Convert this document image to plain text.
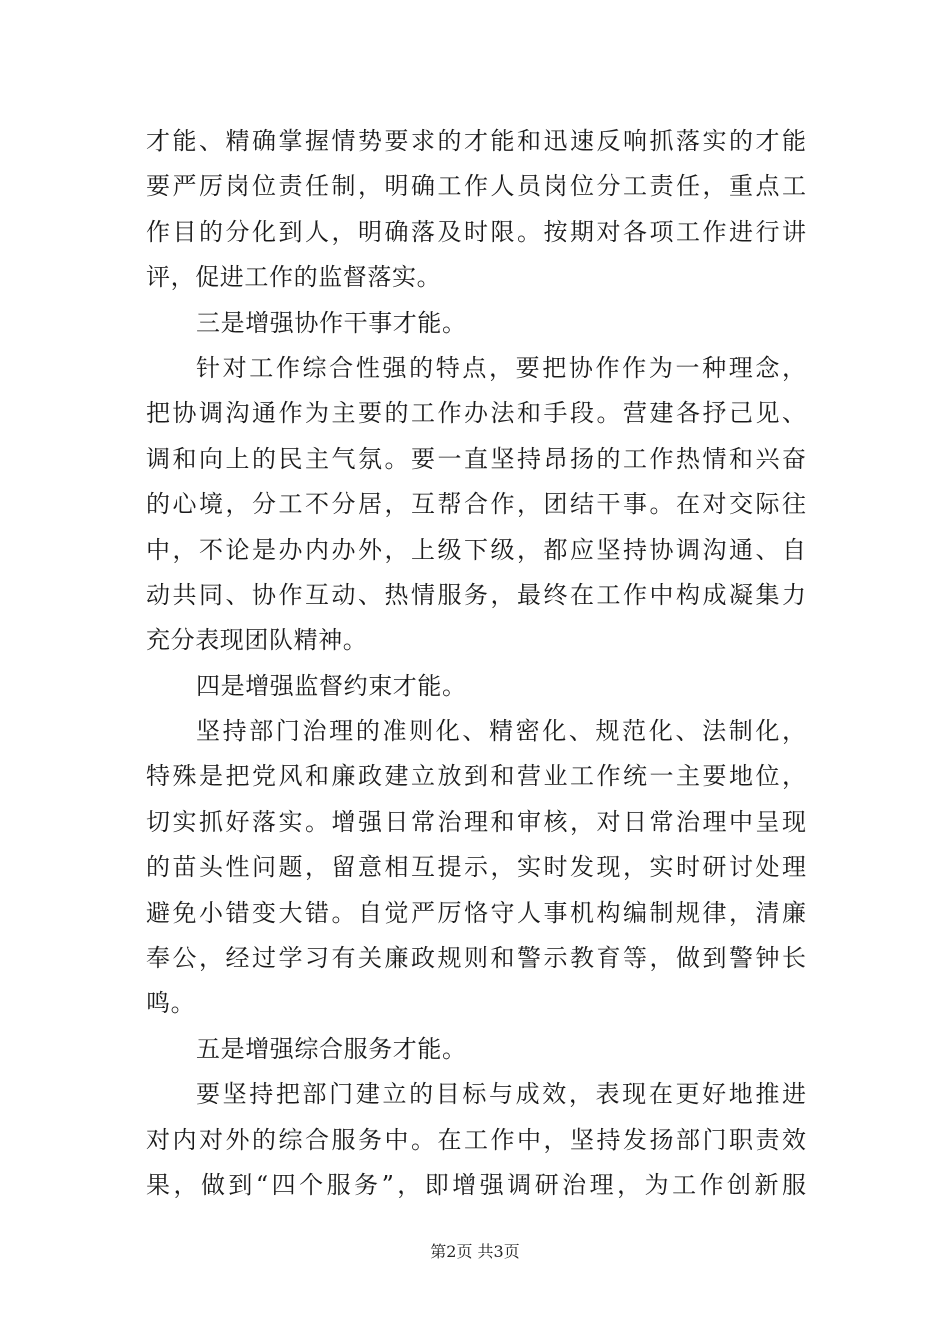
才能、精确掌握情势要求的才能和迅速反响抓落实的才能
要严厉岗位责任制，明确工作人员岗位分工责任，重点工
作目的分化到人，明确落及时限。按期对各项工作进行讲
评，促进工作的监督落实。
三是增强协作干事才能。
针对工作综合性强的特点，要把协作作为一种理念，
把协调沟通作为主要的工作办法和手段。营建各抒己见、
调和向上的民主气氛。要一直坚持昂扬的工作热情和兴奋
的心境，分工不分居，互帮合作，团结干事。在对交际往
中，不论是办内办外，上级下级，都应坚持协调沟通、自
动共同、协作互动、热情服务，最终在工作中构成凝集力
充分表现团队精神。
四是增强监督约束才能。
坚持部门治理的准则化、精密化、规范化、法制化，
特殊是把党风和廉政建立放到和营业工作统一主要地位，
切实抓好落实。增强日常治理和审核，对日常治理中呈现
的苗头性问题，留意相互提示，实时发现，实时研讨处理
避免小错变大错。自觉严厉恪守人事机构编制规律，清廉
奉公，经过学习有关廉政规则和警示教育等，做到警钟长
鸣。
五是增强综合服务才能。
要坚持把部门建立的目标与成效，表现在更好地推进
对内对外的综合服务中。在工作中，坚持发扬部门职责效
果，做到“四个服务”，即增强调研治理，为工作创新服
第2页 共3页
